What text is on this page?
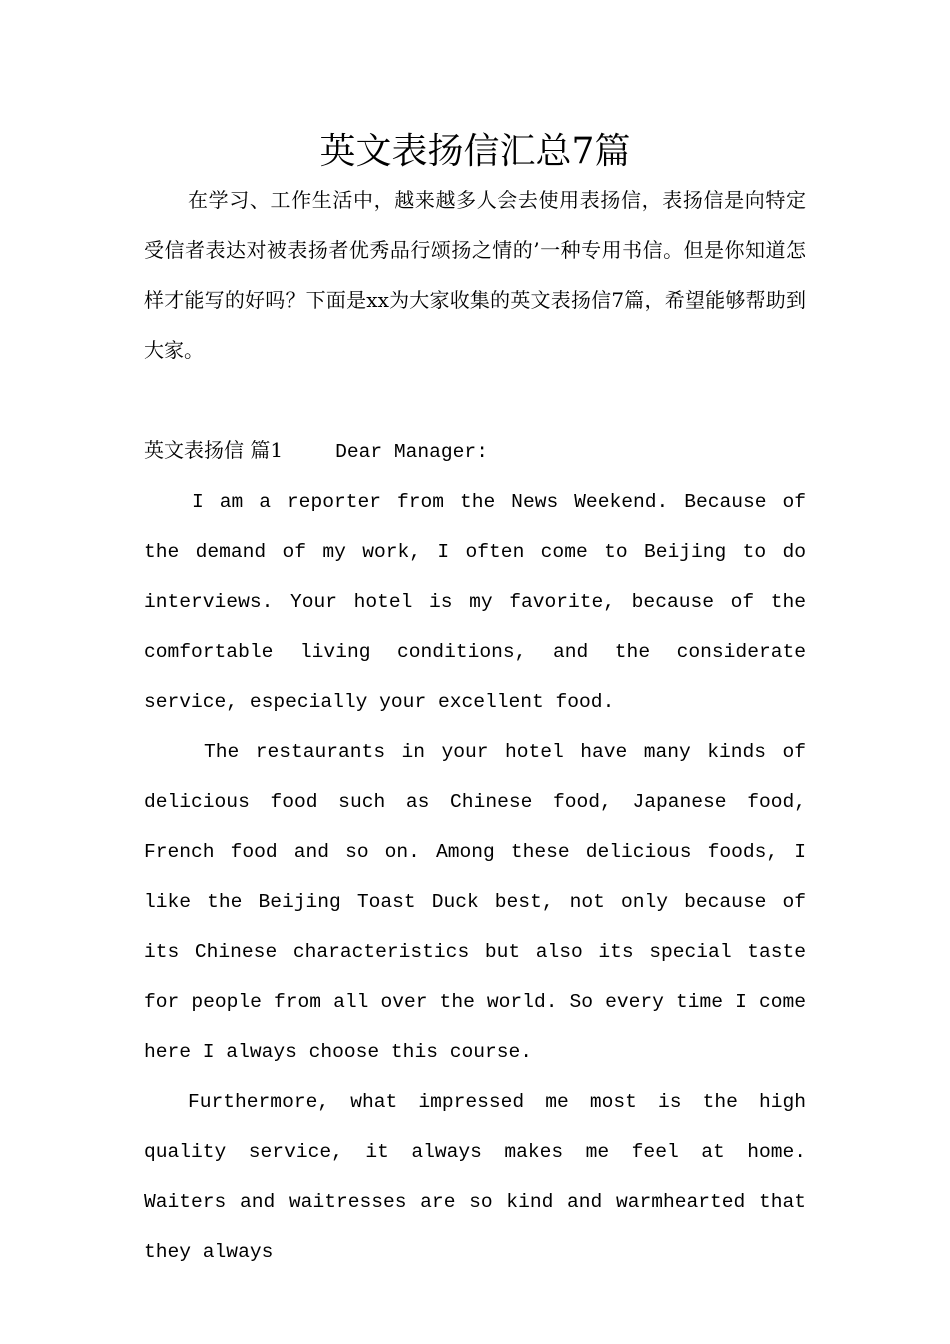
英文表扬信汇总7篇

在学习、工作生活中，越来越多人会去使用表扬信，表扬信是向特定受信者表达对被表扬者优秀品行颂扬之情的’一种专用书信。但是你知道怎样才能写的好吗？下面是xx为大家收集的英文表扬信7篇，希望能够帮助到大家。

英文表扬信 篇1	Dear Manager:

I am a reporter from the News Weekend. Because of the demand of my work, I often come to Beijing to do interviews. Your hotel is my favorite, because of the comfortable living conditions, and the considerate service, especially your excellent food.

The restaurants in your hotel have many kinds of delicious food such as Chinese food, Japanese food, French food and so on. Among these delicious foods, I like the Beijing Toast Duck best, not only because of its Chinese characteristics but also its special taste for people from all over the world. So every time I come here I always choose this course.

Furthermore, what impressed me most is the high quality service, it always makes me feel at home. Waiters and waitresses are so kind and warmhearted that they always
